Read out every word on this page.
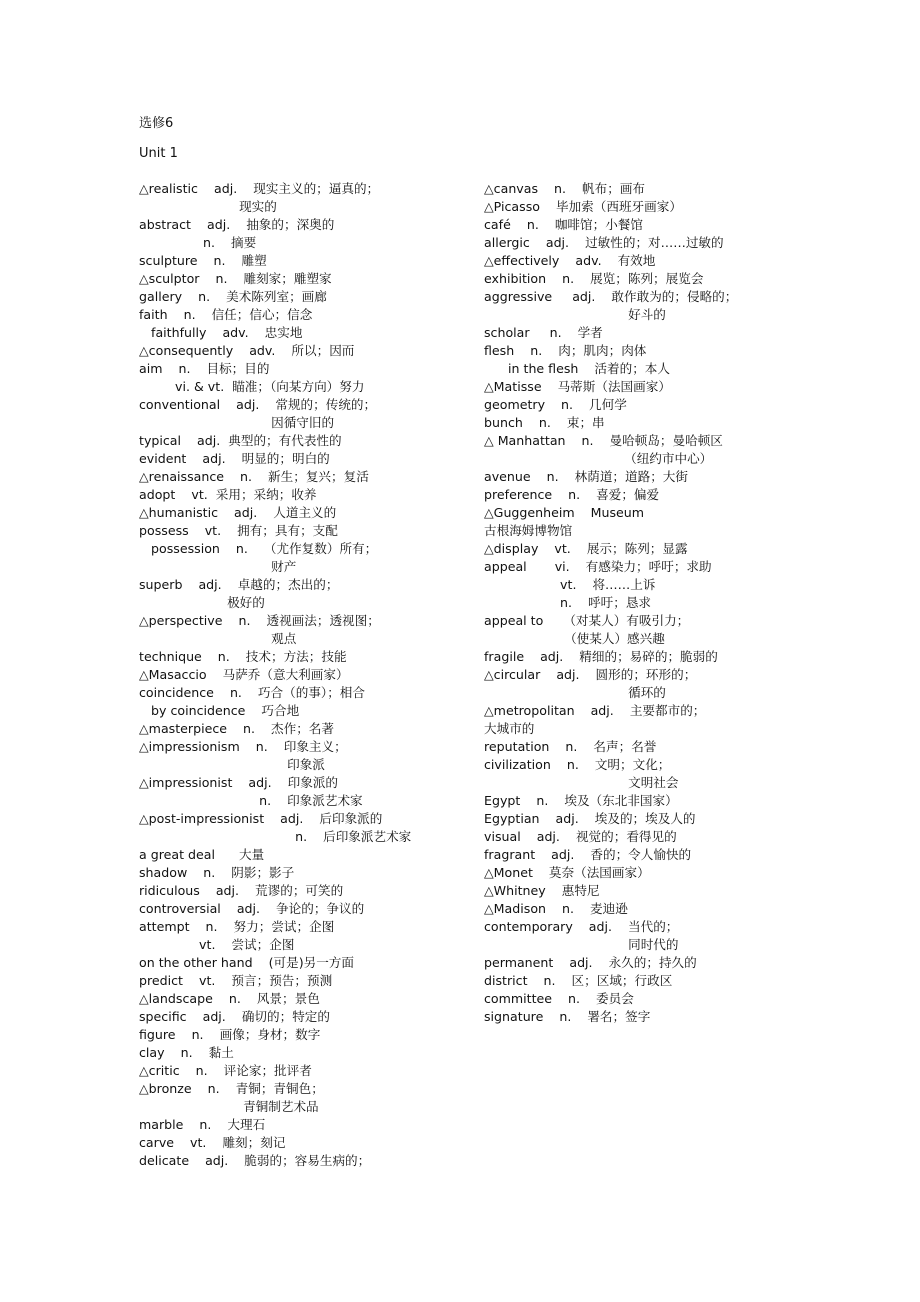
选修6
Unit 1
△realistic    adj.    现实主义的；逼真的；
现实的
abstract    adj.    抽象的；深奥的
n.    摘要
sculpture    n.    雕塑
△sculptor    n.    雕刻家；雕塑家
gallery    n.    美术陈列室；画廊
faith    n.    信任；信心；信念
faithfully    adv.    忠实地
△consequently    adv.    所以；因而
aim    n.    目标；目的
vi. & vt.  瞄准；（向某方向）努力
conventional    adj.    常规的；传统的；
因循守旧的
typical    adj.  典型的；有代表性的
evident    adj.    明显的；明白的
△renaissance    n.    新生；复兴；复活
adopt    vt.  采用；采纳；收养
△humanistic    adj.    人道主义的
possess    vt.    拥有；具有；支配
possession    n.    （尤作复数）所有；
财产
superb    adj.    卓越的；杰出的；
极好的
△perspective    n.    透视画法；透视图；
观点
technique    n.    技术；方法；技能
△Masaccio    马萨乔（意大利画家）
coincidence    n.    巧合（的事）；相合
by coincidence    巧合地
△masterpiece    n.    杰作；名著
△impressionism    n.    印象主义；
印象派
△impressionist    adj.    印象派的
n.    印象派艺术家
△post-impressionist    adj.    后印象派的
n.    后印象派艺术家
a great deal      大量
shadow    n.    阴影；影子
ridiculous    adj.    荒谬的；可笑的
controversial    adj.    争论的；争议的
attempt    n.    努力；尝试；企图
vt.    尝试；企图
on the other hand    (可是)另一方面
predict    vt.    预言；预告；预测
△landscape    n.    风景；景色
specific    adj.    确切的；特定的
figure    n.    画像；身材；数字
clay    n.    黏土
△critic    n.    评论家；批评者
△bronze    n.    青铜；青铜色；
青铜制艺术品
marble    n.    大理石
carve    vt.    雕刻；刻记
delicate    adj.    脆弱的；容易生病的；
△canvas    n.    帆布；画布
△Picasso    毕加索（西班牙画家）
café    n.    咖啡馆；小餐馆
allergic    adj.    过敏性的；对……过敏的
△effectively    adv.    有效地
exhibition    n.    展览；陈列；展览会
aggressive     adj.    敢作敢为的；侵略的；
好斗的
scholar     n.    学者
flesh    n.    肉；肌肉；肉体
in the flesh    活着的；本人
△Matisse    马蒂斯（法国画家）
geometry    n.    几何学
bunch    n.    束；串
△ Manhattan    n.    曼哈顿岛；曼哈顿区
（纽约市中心）
avenue    n.    林荫道；道路；大街
preference    n.    喜爱；偏爱
△Guggenheim    Museum
古根海姆博物馆
△display    vt.    展示；陈列；显露
appeal       vi.    有感染力；呼吁；求助
vt.    将……上诉
n.    呼吁；恳求
appeal to     （对某人）有吸引力；
（使某人）感兴趣
fragile    adj.    精细的；易碎的；脆弱的
△circular    adj.    圆形的；环形的；
循环的
△metropolitan    adj.    主要都市的；
大城市的
reputation    n.    名声；名誉
civilization    n.    文明；文化；
文明社会
Egypt    n.    埃及（东北非国家）
Egyptian    adj.    埃及的；埃及人的
visual    adj.    视觉的；看得见的
fragrant    adj.    香的；令人愉快的
△Monet    莫奈（法国画家）
△Whitney    惠特尼
△Madison    n.    麦迪逊
contemporary    adj.    当代的；
同时代的
permanent    adj.    永久的；持久的
district    n.    区；区域；行政区
committee    n.    委员会
signature    n.    署名；签字
